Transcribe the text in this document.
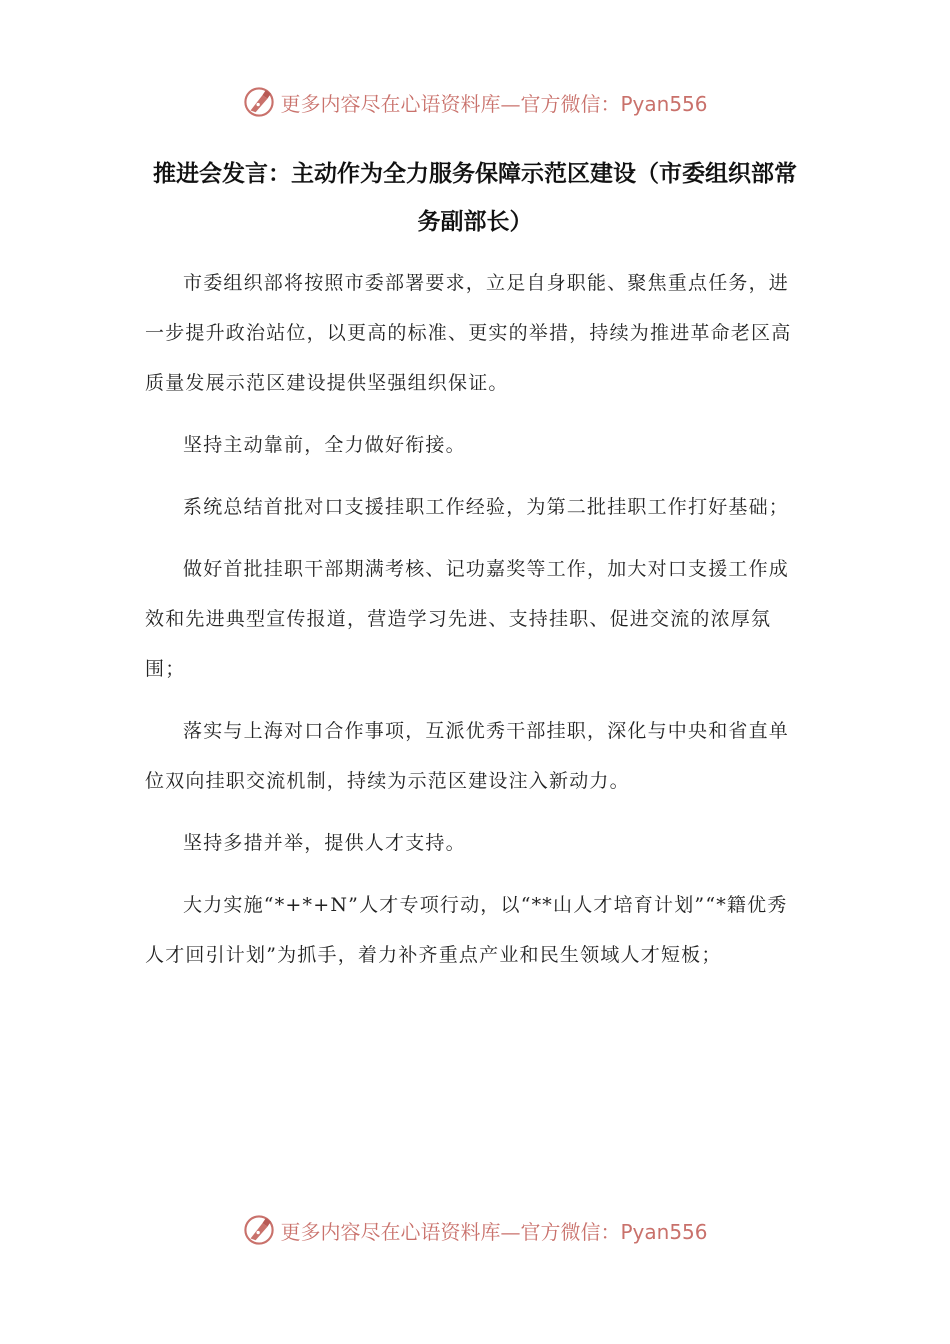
更多内容尽在心语资料库—官方微信：Pyan556
推进会发言：主动作为全力服务保障示范区建设（市委组织部常务副部长）

市委组织部将按照市委部署要求，立足自身职能、聚焦重点任务，进一步提升政治站位，以更高的标准、更实的举措，持续为推进革命老区高质量发展示范区建设提供坚强组织保证。

坚持主动靠前，全力做好衔接。

系统总结首批对口支援挂职工作经验，为第二批挂职工作打好基础；

做好首批挂职干部期满考核、记功嘉奖等工作，加大对口支援工作成效和先进典型宣传报道，营造学习先进、支持挂职、促进交流的浓厚氛围；

落实与上海对口合作事项，互派优秀干部挂职，深化与中央和省直单位双向挂职交流机制，持续为示范区建设注入新动力。

坚持多措并举，提供人才支持。

大力实施“*+*+N”人才专项行动，以“**山人才培育计划”“*籍优秀人才回引计划”为抓手，着力补齐重点产业和民生领域人才短板；

更多内容尽在心语资料库—官方微信：Pyan556
